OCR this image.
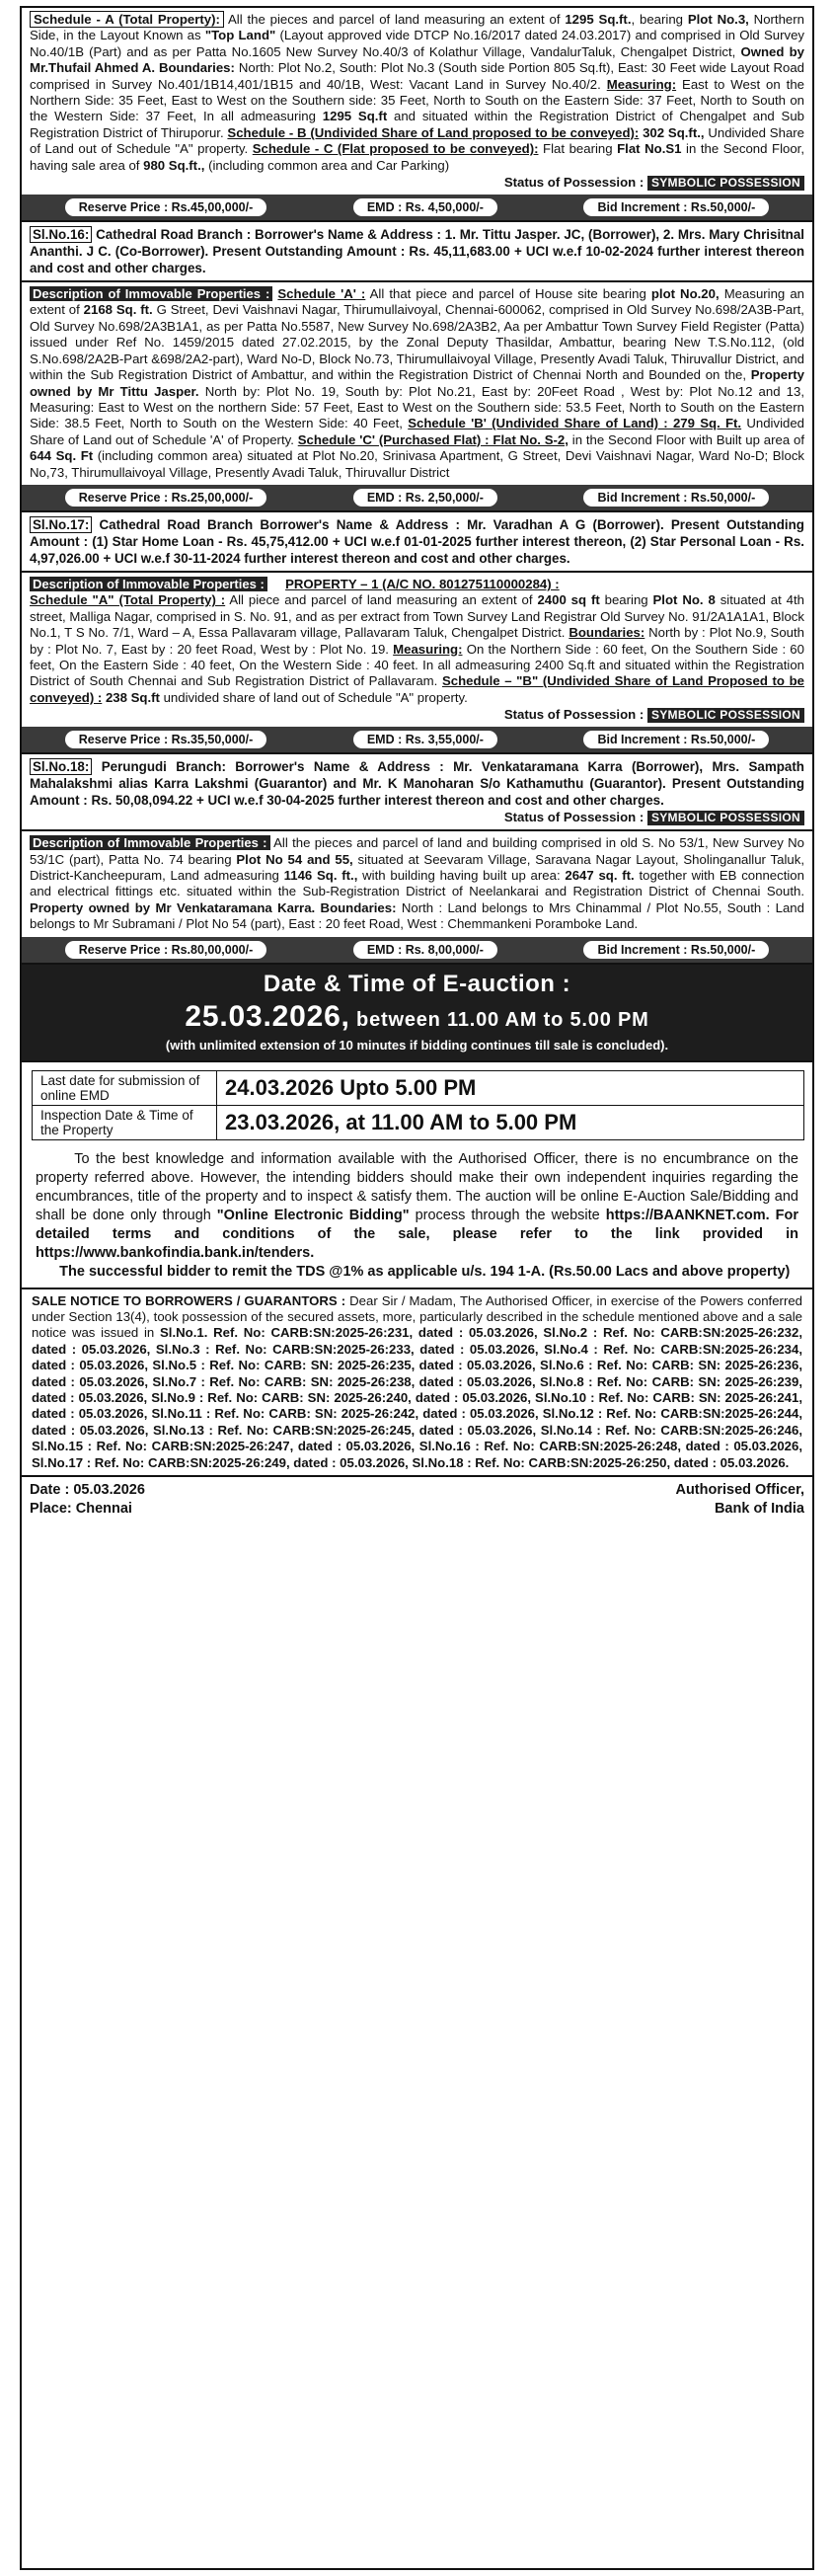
Schedule - A (Total Property): All the pieces and parcel of land measuring an extent of 1295 Sq.ft., bearing Plot No.3, Northern Side, in the Layout Known as "Top Land" (Layout approved vide DTCP No.16/2017 dated 24.03.2017) and comprised in Old Survey No.40/1B (Part) and as per Patta No.1605 New Survey No.40/3 of Kolathur Village, VandalurTaluk, Chengalpet District, Owned by Mr.Thufail Ahmed A. Boundaries: North: Plot No.2, South: Plot No.3 (South side Portion 805 Sq.ft), East: 30 Feet wide Layout Road comprised in Survey No.401/1B14,401/1B15 and 40/1B, West: Vacant Land in Survey No.40/2. Measuring: East to West on the Northern Side: 35 Feet, East to West on the Southern side: 35 Feet, North to South on the Eastern Side: 37 Feet, North to South on the Western Side: 37 Feet, In all admeasuring 1295 Sq.ft and situated within the Registration District of Chengalpet and Sub Registration District of Thiruporur. Schedule - B (Undivided Share of Land proposed to be conveyed): 302 Sq.ft., Undivided Share of Land out of Schedule "A" property. Schedule - C (Flat proposed to be conveyed): Flat bearing Flat No.S1 in the Second Floor, having sale area of 980 Sq.ft., (including common area and Car Parking)

Status of Possession : SYMBOLIC POSSESSION
Reserve Price : Rs.45,00,000/-	EMD : Rs. 4,50,000/-	Bid Increment : Rs.50,000/-

Sl.No.16: Cathedral Road Branch : Borrower's Name & Address : 1. Mr. Tittu Jasper. JC, (Borrower), 2. Mrs. Mary Chrisitnal Ananthi. J C. (Co-Borrower). Present Outstanding Amount : Rs. 45,11,683.00 + UCI w.e.f 10-02-2024 further interest thereon and cost and other charges.

Description of Immovable Properties : Schedule 'A' : All that piece and parcel of House site bearing plot No.20, Measuring an extent of 2168 Sq. ft. G Street, Devi Vaishnavi Nagar, Thirumullaivoyal, Chennai-600062, comprised in Old Survey No.698/2A3B-Part, Old Survey No.698/2A3B1A1, as per Patta No.5587, New Survey No.698/2A3B2, Aa per Ambattur Town Survey Field Register (Patta) issued under Ref No. 1459/2015 dated 27.02.2015, by the Zonal Deputy Thasildar, Ambattur, bearing New T.S.No.112, (old S.No.698/2A2B-Part &698/2A2-part), Ward No-D, Block No.73, Thirumullaivoyal Village, Presently Avadi Taluk, Thiruvallur District, and within the Sub Registration District of Ambattur, and within the Registration District of Chennai North and Bounded on the, Property owned by Mr Tittu Jasper. North by: Plot No. 19, South by: Plot No.21, East by: 20Feet Road , West by: Plot No.12 and 13, Measuring: East to West on the northern Side: 57 Feet, East to West on the Southern side: 53.5 Feet, North to South on the Eastern Side: 38.5 Feet, North to South on the Western Side: 40 Feet, Schedule 'B' (Undivided Share of Land) : 279 Sq. Ft. Undivided Share of Land out of Schedule 'A' of Property. Schedule 'C' (Purchased Flat) : Flat No. S-2, in the Second Floor with Built up area of 644 Sq. Ft (including common area) situated at Plot No.20, Srinivasa Apartment, G Street, Devi Vaishnavi Nagar, Ward No-D; Block No,73, Thirumullaivoyal Village, Presently Avadi Taluk, Thiruvallur District

Reserve Price : Rs.25,00,000/-	EMD : Rs. 2,50,000/-	Bid Increment : Rs.50,000/-

Sl.No.17: Cathedral Road Branch Borrower's Name & Address : Mr. Varadhan A G (Borrower). Present Outstanding Amount : (1) Star Home Loan - Rs. 45,75,412.00 + UCI w.e.f 01-01-2025 further interest thereon, (2) Star Personal Loan - Rs. 4,97,026.00 + UCI w.e.f 30-11-2024 further interest thereon and cost and other charges.

Description of Immovable Properties : PROPERTY – 1 (A/C NO. 801275110000284) :
Schedule "A" (Total Property) : All piece and parcel of land measuring an extent of 2400 sq ft bearing Plot No. 8 situated at 4th street, Malliga Nagar, comprised in S. No. 91, and as per extract from Town Survey Land Registrar Old Survey No. 91/2A1A1A1, Block No.1, T S No. 7/1, Ward – A, Essa Pallavaram village, Pallavaram Taluk, Chengalpet District. Boundaries: North by : Plot No.9, South by : Plot No. 7, East by : 20 feet Road, West by : Plot No. 19. Measuring: On the Northern Side : 60 feet, On the Southern Side : 60 feet, On the Eastern Side : 40 feet, On the Western Side : 40 feet. In all admeasuring 2400 Sq.ft and situated within the Registration District of South Chennai and Sub Registration District of Pallavaram. Schedule – "B" (Undivided Share of Land Proposed to be conveyed) : 238 Sq.ft undivided share of land out of Schedule "A" property.

Status of Possession : SYMBOLIC POSSESSION
Reserve Price : Rs.35,50,000/-	EMD : Rs. 3,55,000/-	Bid Increment : Rs.50,000/-

Sl.No.18: Perungudi Branch: Borrower's Name & Address : Mr. Venkataramana Karra (Borrower), Mrs. Sampath Mahalakshmi alias Karra Lakshmi (Guarantor) and Mr. K Manoharan S/o Kathamuthu (Guarantor). Present Outstanding Amount : Rs. 50,08,094.22 + UCI w.e.f 30-04-2025 further interest thereon and cost and other charges.

Status of Possession : SYMBOLIC POSSESSION

Description of Immovable Properties : All the pieces and parcel of land and building comprised in old S. No 53/1, New Survey No 53/1C (part), Patta No. 74 bearing Plot No 54 and 55, situated at Seevaram Village, Saravana Nagar Layout, Sholinganallur Taluk, District-Kancheepuram, Land admeasuring 1146 Sq. ft., with building having built up area: 2647 sq. ft. together with EB connection and electrical fittings etc. situated within the Sub-Registration District of Neelankarai and Registration District of Chennai South. Property owned by Mr Venkataramana Karra. Boundaries: North : Land belongs to Mrs Chinammal / Plot No.55, South : Land belongs to Mr Subramani / Plot No 54 (part), East : 20 feet Road, West : Chemmankeni Poramboke Land.

Reserve Price : Rs.80,00,000/-	EMD : Rs. 8,00,000/-	Bid Increment : Rs.50,000/-
Date & Time of E-auction :
25.03.2026, between 11.00 AM to 5.00 PM
(with unlimited extension of 10 minutes if bidding continues till sale is concluded).
Last date for submission of online EMD	24.03.2026 Upto 5.00 PM
Inspection Date & Time of the Property	23.03.2026, at 11.00 AM to 5.00 PM

To the best knowledge and information available with the Authorised Officer, there is no encumbrance on the property referred above. However, the intending bidders should make their own independent inquiries regarding the encumbrances, title of the property and to inspect & satisfy them. The auction will be online E-Auction Sale/Bidding and shall be done only through "Online Electronic Bidding" process through the website https://BAANKNET.com. For detailed terms and conditions of the sale, please refer to the link provided in https://www.bankofindia.bank.in/tenders.

The successful bidder to remit the TDS @1% as applicable u/s. 194 1-A. (Rs.50.00 Lacs and above property)

SALE NOTICE TO BORROWERS / GUARANTORS : Dear Sir / Madam, The Authorised Officer, in exercise of the Powers conferred under Section 13(4), took possession of the secured assets, more, particularly described in the schedule mentioned above and a sale notice was issued in Sl.No.1. Ref. No: CARB:SN:2025-26:231, dated : 05.03.2026, Sl.No.2 : Ref. No: CARB:SN:2025-26:232, dated : 05.03.2026, Sl.No.3 : Ref. No: CARB:SN:2025-26:233, dated : 05.03.2026, Sl.No.4 : Ref. No: CARB:SN:2025-26:234, dated : 05.03.2026, Sl.No.5 : Ref. No: CARB: SN: 2025-26:235, dated : 05.03.2026, Sl.No.6 : Ref. No: CARB: SN: 2025-26:236, dated : 05.03.2026, Sl.No.7 : Ref. No: CARB: SN: 2025-26:238, dated : 05.03.2026, Sl.No.8 : Ref. No: CARB: SN: 2025-26:239, dated : 05.03.2026, Sl.No.9 : Ref. No: CARB: SN: 2025-26:240, dated : 05.03.2026, Sl.No.10 : Ref. No: CARB: SN: 2025-26:241, dated : 05.03.2026, Sl.No.11 : Ref. No: CARB: SN: 2025-26:242, dated : 05.03.2026, Sl.No.12 : Ref. No: CARB:SN:2025-26:244, dated : 05.03.2026, Sl.No.13 : Ref. No: CARB:SN:2025-26:245, dated : 05.03.2026, Sl.No.14 : Ref. No: CARB:SN:2025-26:246, Sl.No.15 : Ref. No: CARB:SN:2025-26:247, dated : 05.03.2026, Sl.No.16 : Ref. No: CARB:SN:2025-26:248, dated : 05.03.2026, Sl.No.17 : Ref. No: CARB:SN:2025-26:249, dated : 05.03.2026, Sl.No.18 : Ref. No: CARB:SN:2025-26:250, dated : 05.03.2026.

Date : 05.03.2026
Place: Chennai
Authorised Officer,
Bank of India
